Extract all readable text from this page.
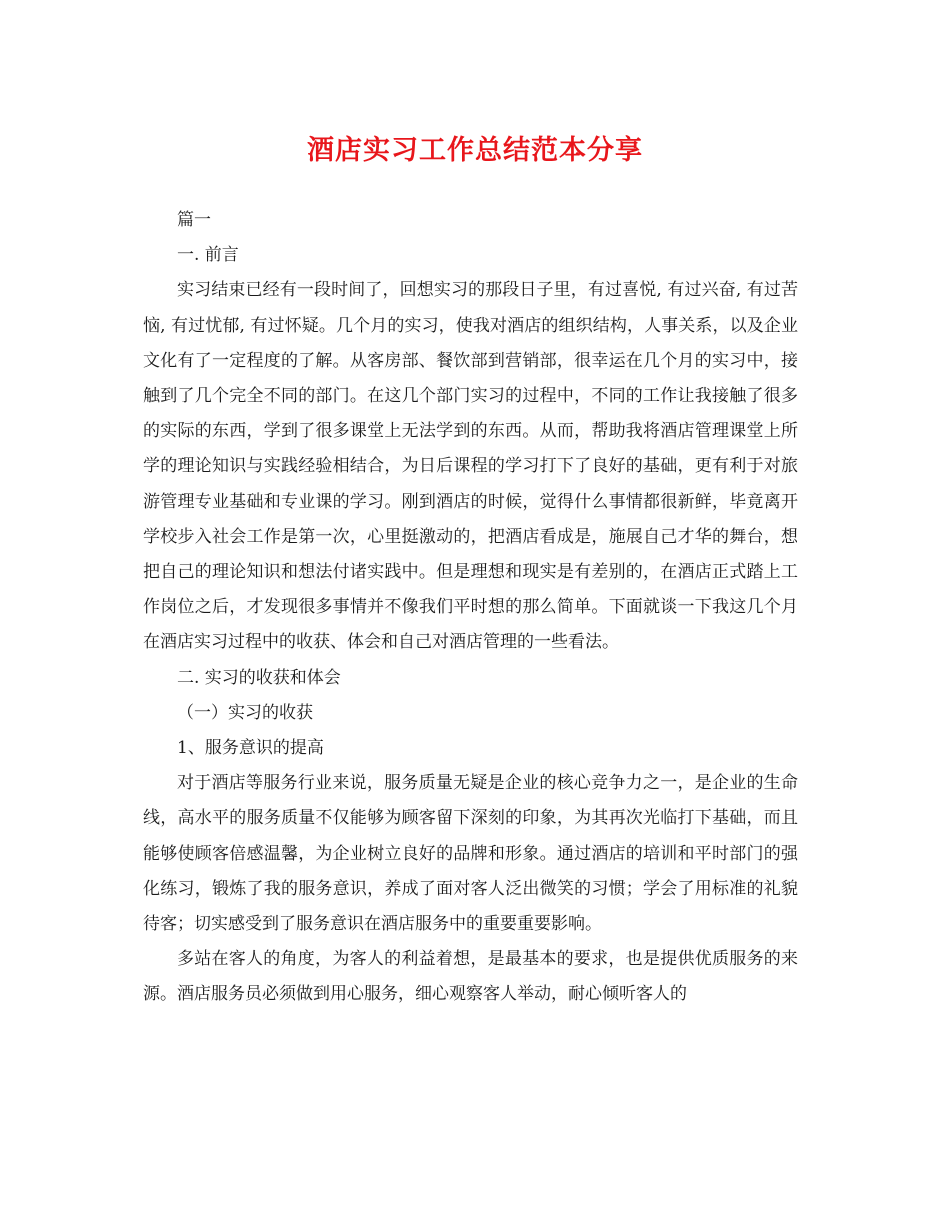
酒店实习工作总结范本分享

篇一

一. 前言

实习结束已经有一段时间了，回想实习的那段日子里，有过喜悦, 有过兴奋, 有过苦恼, 有过忧郁, 有过怀疑。几个月的实习，使我对酒店的组织结构，人事关系，以及企业文化有了一定程度的了解。从客房部、餐饮部到营销部，很幸运在几个月的实习中，接触到了几个完全不同的部门。在这几个部门实习的过程中，不同的工作让我接触了很多的实际的东西，学到了很多课堂上无法学到的东西。从而，帮助我将酒店管理课堂上所学的理论知识与实践经验相结合，为日后课程的学习打下了良好的基础，更有利于对旅游管理专业基础和专业课的学习。刚到酒店的时候，觉得什么事情都很新鲜，毕竟离开学校步入社会工作是第一次，心里挺激动的，把酒店看成是，施展自己才华的舞台，想把自己的理论知识和想法付诸实践中。但是理想和现实是有差别的，在酒店正式踏上工作岗位之后，才发现很多事情并不像我们平时想的那么简单。下面就谈一下我这几个月在酒店实习过程中的收获、体会和自己对酒店管理的一些看法。

二. 实习的收获和体会

（一）实习的收获

1、服务意识的提高

对于酒店等服务行业来说，服务质量无疑是企业的核心竞争力之一，是企业的生命线，高水平的服务质量不仅能够为顾客留下深刻的印象，为其再次光临打下基础，而且能够使顾客倍感温馨，为企业树立良好的品牌和形象。通过酒店的培训和平时部门的强化练习，锻炼了我的服务意识，养成了面对客人泛出微笑的习惯；学会了用标准的礼貌待客；切实感受到了服务意识在酒店服务中的重要重要影响。

多站在客人的角度，为客人的利益着想，是最基本的要求，也是提供优质服务的来源。酒店服务员必须做到用心服务，细心观察客人举动，耐心倾听客人的
